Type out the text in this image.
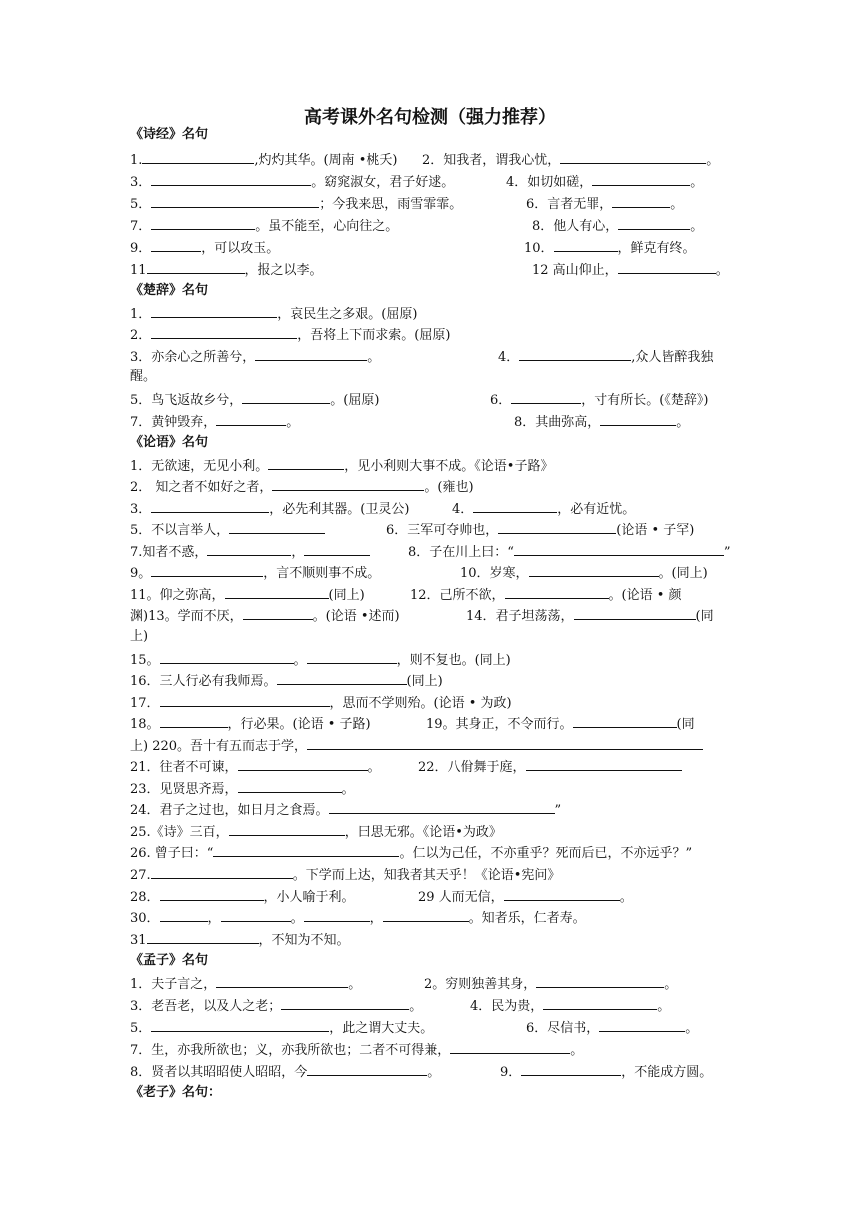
高考课外名句检测（强力推荐）
《诗经》名句
1.	,灼灼其华。(周南 •桃夭) 2．知我者，谓我心忧，	。
3．	。窈窕淑女，君子好逑。	4．如切如磋，	。
5．	；今我来思，雨雪霏霏。	6．言者无罪，	。
7．	。虽不能至，心向往之。	8．他人有心，	。
9．	，可以攻玉。	10．	，鲜克有终。
11	，报之以李。	12 高山仰止，	。
《楚辞》名句
1．	，哀民生之多艰。(屈原)
2．	，吾将上下而求索。(屈原)
3．亦余心之所善兮，	。	4．	,众人皆醉我独
醒。
5．鸟飞返故乡兮，	。(屈原)	6．	，寸有所长。(《楚辞》)
7．黄钟毁弃，	。	8．其曲弥高，	。
《论语》名句
1．无欲速，无见小利。	，见小利则大事不成。《论语•子路》
2． 知之者不如好之者，	。(雍也)
3．	，必先利其器。(卫灵公)	4．	，必有近忧。
5．不以言举人，	6．三军可夺帅也，	(论语 • 子罕)
7.知者不惑，	，	8．子在川上曰：“	”
9。	，言不顺则事不成。	10．岁寒，	。(同上)
11。仰之弥高，	(同上)	12．己所不欲，	。(论语 • 颜
渊)13。学而不厌，	。(论语 •述而)	14．君子坦荡荡，	(同
上)
15。	。	，则不复也。(同上)
16．三人行必有我师焉。	(同上)
17．	，思而不学则殆。(论语 • 为政)
18。	，行必果。(论语 • 子路)	19。其身正，不令而行。	(同
上) 220。吾十有五而志于学，
21．往者不可谏，	。	22．八佾舞于庭，
23．见贤思齐焉，	。
24．君子之过也，如日月之食焉。	”
25.《诗》三百，	，曰思无邪。《论语•为政》
26. 曾子曰：“	。仁以为己任，不亦重乎？死而后已，不亦远乎？”
27.	。下学而上达，知我者其天乎！《论语•宪问》
28．	，小人喻于利。	29 人而无信，	。
30．	，	。	，	。知者乐，仁者寿。
31	，不知为不知。
《孟子》名句
1．夫子言之，	。	2。穷则独善其身，	。
3．老吾老，以及人之老；	。	4．民为贵，	。
5．	，此之谓大丈夫。	6．尽信书，	。
7．生，亦我所欲也；义，亦我所欲也；二者不可得兼，	。
8．贤者以其昭昭使人昭昭，今	。	9．	，不能成方圆。
《老子》名句：
